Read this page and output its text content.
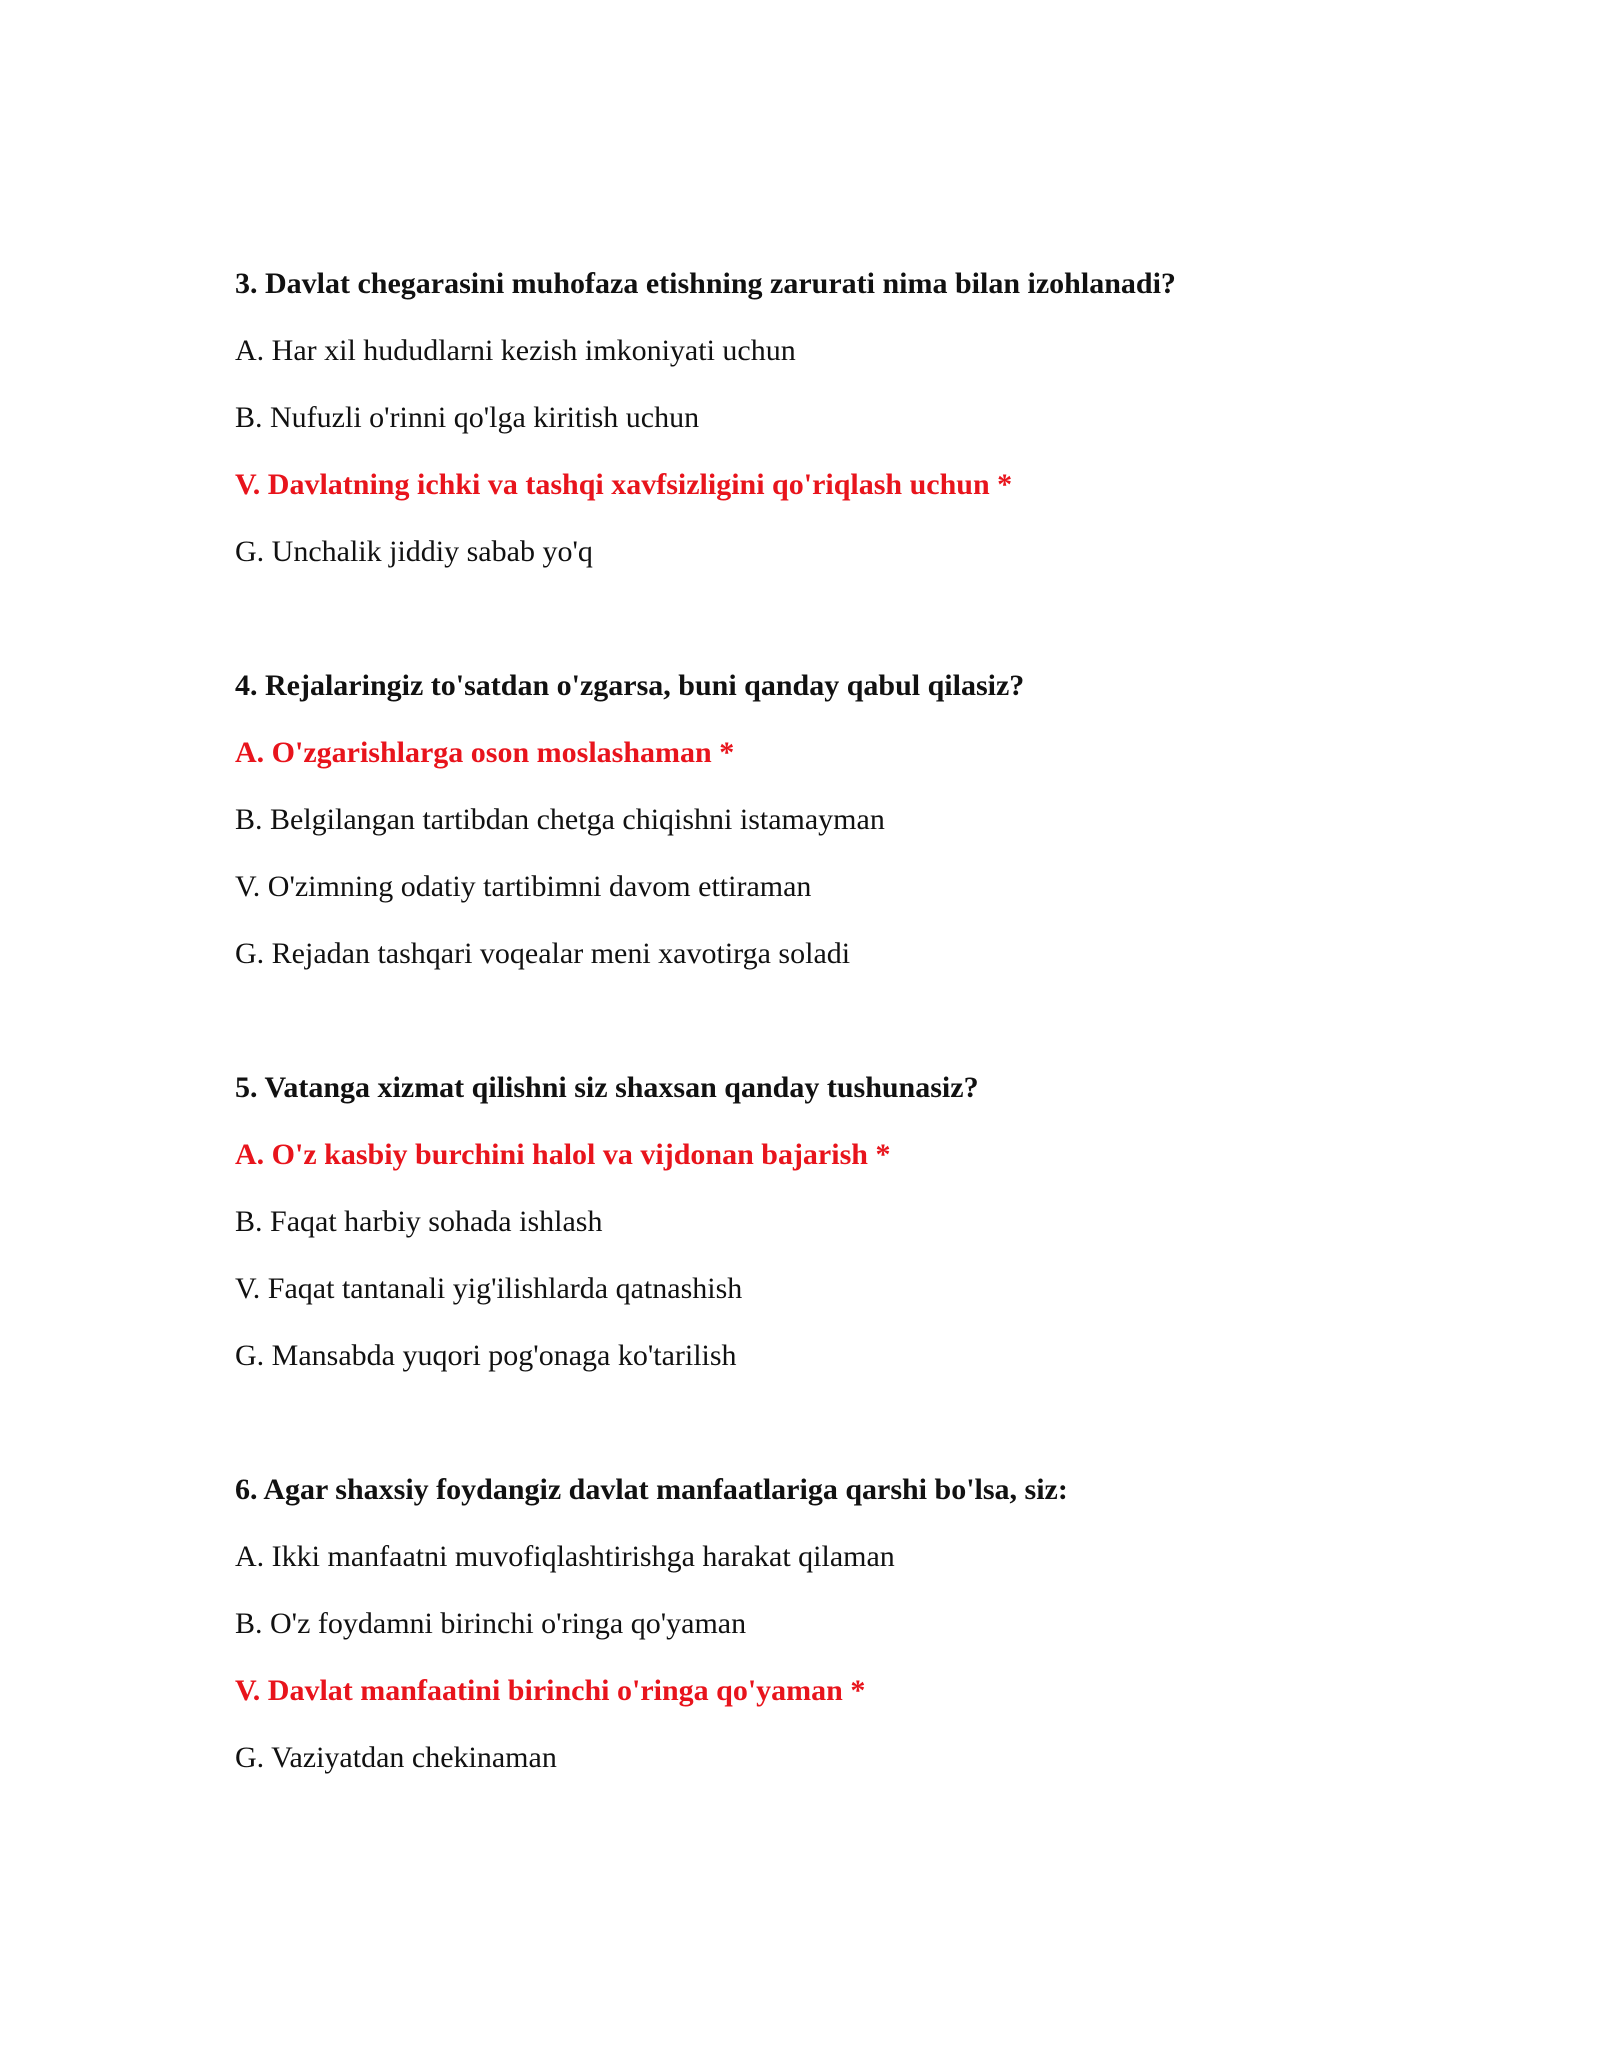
3. Davlat chegarasini muhofaza etishning zarurati nima bilan izohlanadi?
A. Har xil hududlarni kezish imkoniyati uchun
B. Nufuzli o'rinni qo'lga kiritish uchun
V. Davlatning ichki va tashqi xavfsizligini qo'riqlash uchun *
G. Unchalik jiddiy sabab yo'q
4. Rejalaringiz to'satdan o'zgarsa, buni qanday qabul qilasiz?
A. O'zgarishlarga oson moslashaman *
B. Belgilangan tartibdan chetga chiqishni istamayman
V. O'zimning odatiy tartibimni davom ettiraman
G. Rejadan tashqari voqealar meni xavotirga soladi
5. Vatanga xizmat qilishni siz shaxsan qanday tushunasiz?
A. O'z kasbiy burchini halol va vijdonan bajarish *
B. Faqat harbiy sohada ishlash
V. Faqat tantanali yig'ilishlarda qatnashish
G. Mansabda yuqori pog'onaga ko'tarilish
6. Agar shaxsiy foydangiz davlat manfaatlariga qarshi bo'lsa, siz:
A. Ikki manfaatni muvofiqlashtirishga harakat qilaman
B. O'z foydamni birinchi o'ringa qo'yaman
V. Davlat manfaatini birinchi o'ringa qo'yaman *
G. Vaziyatdan chekinaman
